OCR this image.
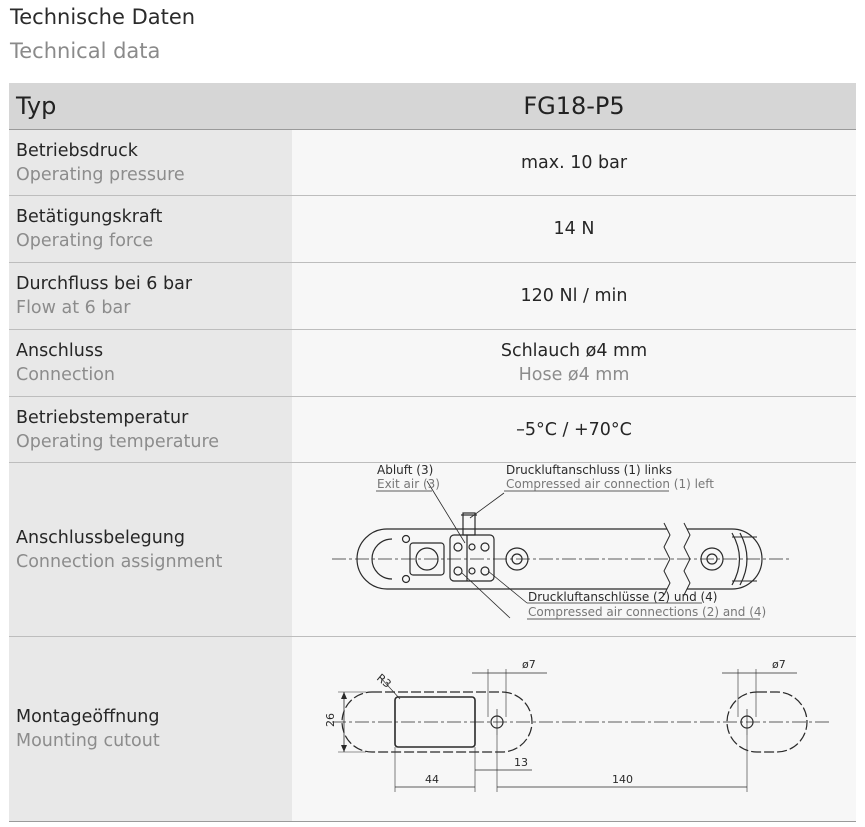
Technische Daten
Technical data
Typ	FG18-P5
Betriebsdruck
Operating pressure
max. 10 bar
Betätigungskraft
Operating force
14 N
Durchfluss bei 6 bar
Flow at 6 bar
120 Nl / min
Anschluss
Connection
Schlauch ø4 mm
Hose ø4 mm
Betriebstemperatur
Operating temperature
–5°C / +70°C
Anschlussbelegung
Connection assignment
Abluft (3)
Exit air (3)
Druckluftanschluss (1) links
Compressed air connection (1) left
Druckluftanschlüsse (2) und (4)
Compressed air connections (2) and (4)
Montageöffnung
Mounting cutout
R3
ø7	ø7
26
44
13
140
